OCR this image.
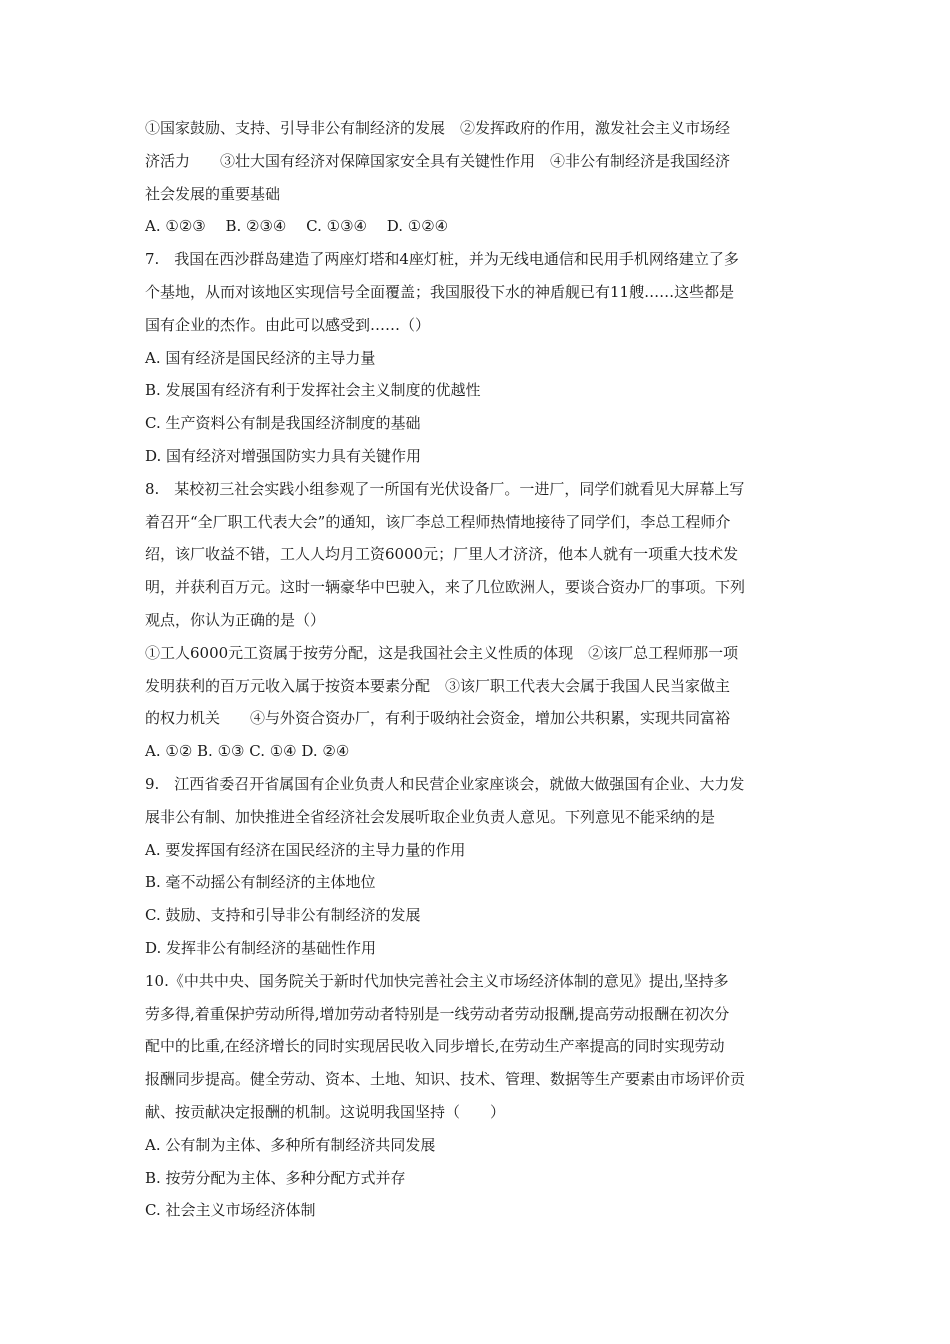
①国家鼓励、支持、引导非公有制经济的发展　②发挥政府的作用，激发社会主义市场经
济活力　　③壮大国有经济对保障国家安全具有关键性作用　④非公有制经济是我国经济
社会发展的重要基础
A. ①②③　 B. ②③④　 C. ①③④　 D. ①②④
7.　我国在西沙群岛建造了两座灯塔和4座灯桩，并为无线电通信和民用手机网络建立了多
个基地，从而对该地区实现信号全面覆盖；我国服役下水的神盾舰已有11艘……这些都是
国有企业的杰作。由此可以感受到……（）
A. 国有经济是国民经济的主导力量
B. 发展国有经济有利于发挥社会主义制度的优越性
C. 生产资料公有制是我国经济制度的基础
D. 国有经济对增强国防实力具有关键作用
8.　某校初三社会实践小组参观了一所国有光伏设备厂。一进厂，同学们就看见大屏幕上写
着召开“全厂职工代表大会”的通知，该厂李总工程师热情地接待了同学们，李总工程师介
绍，该厂收益不错，工人人均月工资6000元；厂里人才济济，他本人就有一项重大技术发
明，并获利百万元。这时一辆豪华中巴驶入，来了几位欧洲人，要谈合资办厂的事项。下列
观点，你认为正确的是（）
①工人6000元工资属于按劳分配，这是我国社会主义性质的体现　②该厂总工程师那一项
发明获利的百万元收入属于按资本要素分配　③该厂职工代表大会属于我国人民当家做主
的权力机关　　④与外资合资办厂，有利于吸纳社会资金，增加公共积累，实现共同富裕
A. ①② B. ①③ C. ①④ D. ②④
9.　江西省委召开省属国有企业负责人和民营企业家座谈会，就做大做强国有企业、大力发
展非公有制、加快推进全省经济社会发展听取企业负责人意见。下列意见不能采纳的是
A. 要发挥国有经济在国民经济的主导力量的作用
B. 毫不动摇公有制经济的主体地位
C. 鼓励、支持和引导非公有制经济的发展
D. 发挥非公有制经济的基础性作用
10.《中共中央、国务院关于新时代加快完善社会主义市场经济体制的意见》提出,坚持多
劳多得,着重保护劳动所得,增加劳动者特别是一线劳动者劳动报酬,提高劳动报酬在初次分
配中的比重,在经济增长的同时实现居民收入同步增长,在劳动生产率提高的同时实现劳动
报酬同步提高。健全劳动、资本、土地、知识、技术、管理、数据等生产要素由市场评价贡
献、按贡献决定报酬的机制。这说明我国坚持（　　）
A. 公有制为主体、多种所有制经济共同发展
B. 按劳分配为主体、多种分配方式并存
C. 社会主义市场经济体制
